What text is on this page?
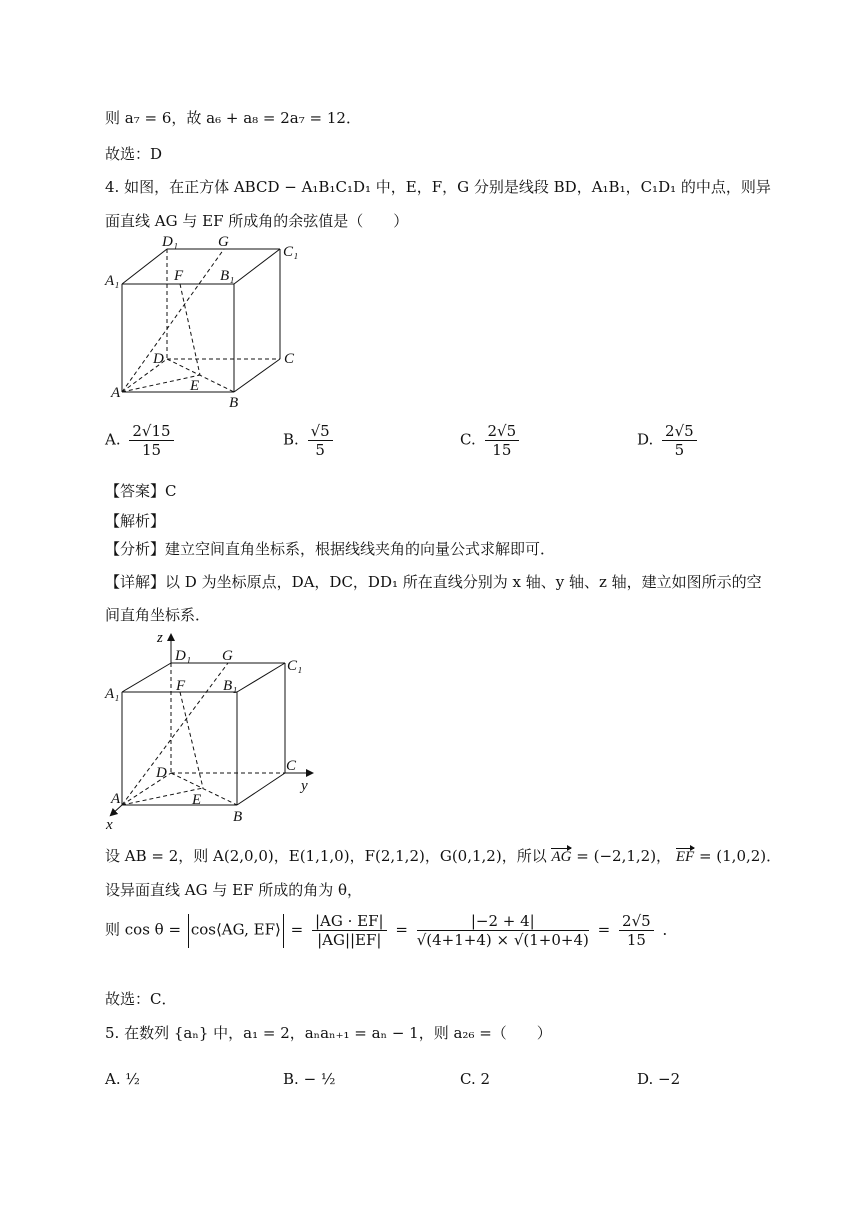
则 a₇ = 6，故 a₆ + a₈ = 2a₇ = 12．
故选：D
4. 如图，在正方体 ABCD − A₁B₁C₁D₁ 中，E，F，G 分别是线段 BD，A₁B₁，C₁D₁ 的中点，则异
面直线 AG 与 EF 所成角的余弦值是（　　）
D₁	G
C₁
A₁	F B₁
D	C
A	E
B
A. $\frac{2√15}{15}$	B. $\frac{√5}{5}$	C. $\frac{2√5}{15}$	D. $\frac{2√5}{5}$
【答案】C
【解析】
【分析】建立空间直角坐标系，根据线线夹角的向量公式求解即可．
【详解】以 D 为坐标原点，DA，DC，DD₁ 所在直线分别为 x 轴、y 轴、z 轴，建立如图所示的空
间直角坐标系．
z
D₁ G
C₁
A₁	F	B₁
D	C
y
A	E
B
x
设 AB = 2，则 A(2,0,0)，E(1,1,0)，F(2,1,2)，G(0,1,2)，所以 AG = (−2,1,2)， EF = (1,0,2)．
设异面直线 AG 与 EF 所成的角为 θ，
则 cos θ = cos⟨AG, EF⟩ = $\frac{|AG \cdot EF|}{|AG||EF|} = \frac{|-2 + 4|}{√(4+1+4) \times √(1+0+4)} = \frac{2√5}{15}$ ．
故选：C．
5. 在数列 {aₙ} 中，a₁ = 2，aₙaₙ₊₁ = aₙ − 1，则 a₂₆ =（　　）
A. ½	B. − ½	C. 2	D. −2
